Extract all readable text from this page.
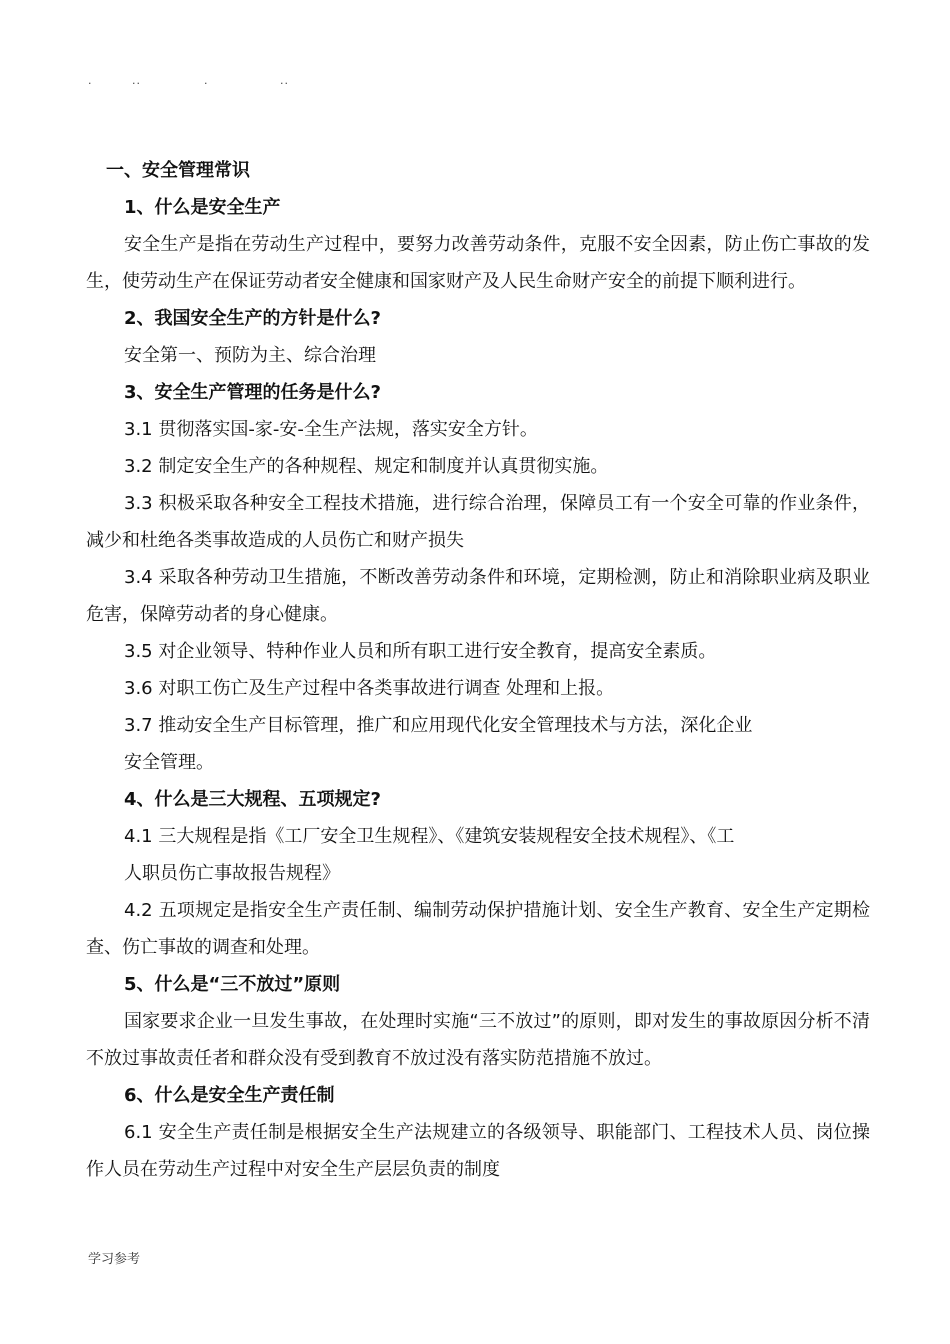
.	..	.	..
一、安全管理常识
1、什么是安全生产
安全生产是指在劳动生产过程中，要努力改善劳动条件，克服不安全因素，防止伤亡事故的发生，使劳动生产在保证劳动者安全健康和国家财产及人民生命财产安全的前提下顺利进行。
2、我国安全生产的方针是什么?
安全第一、预防为主、综合治理
3、安全生产管理的任务是什么?
3.1 贯彻落实国-家-安-全生产法规，落实安全方针。
3.2 制定安全生产的各种规程、规定和制度并认真贯彻实施。
3.3 积极采取各种安全工程技术措施，进行综合治理，保障员工有一个安全可靠的作业条件，减少和杜绝各类事故造成的人员伤亡和财产损失
3.4 采取各种劳动卫生措施，不断改善劳动条件和环境，定期检测，防止和消除职业病及职业危害，保障劳动者的身心健康。
3.5 对企业领导、特种作业人员和所有职工进行安全教育，提高安全素质。
3.6 对职工伤亡及生产过程中各类事故进行调查 处理和上报。
3.7 推动安全生产目标管理，推广和应用现代化安全管理技术与方法，深化企业
安全管理。
4、什么是三大规程、五项规定?
4.1 三大规程是指《工厂安全卫生规程》、《建筑安装规程安全技术规程》、《工
人职员伤亡事故报告规程》
4.2 五项规定是指安全生产责任制、编制劳动保护措施计划、安全生产教育、安全生产定期检查、伤亡事故的调查和处理。
5、什么是“三不放过”原则
国家要求企业一旦发生事故，在处理时实施“三不放过”的原则，即对发生的事故原因分析不清不放过事故责任者和群众没有受到教育不放过没有落实防范措施不放过。
6、什么是安全生产责任制
6.1 安全生产责任制是根据安全生产法规建立的各级领导、职能部门、工程技术人员、岗位操作人员在劳动生产过程中对安全生产层层负责的制度
学习参考
